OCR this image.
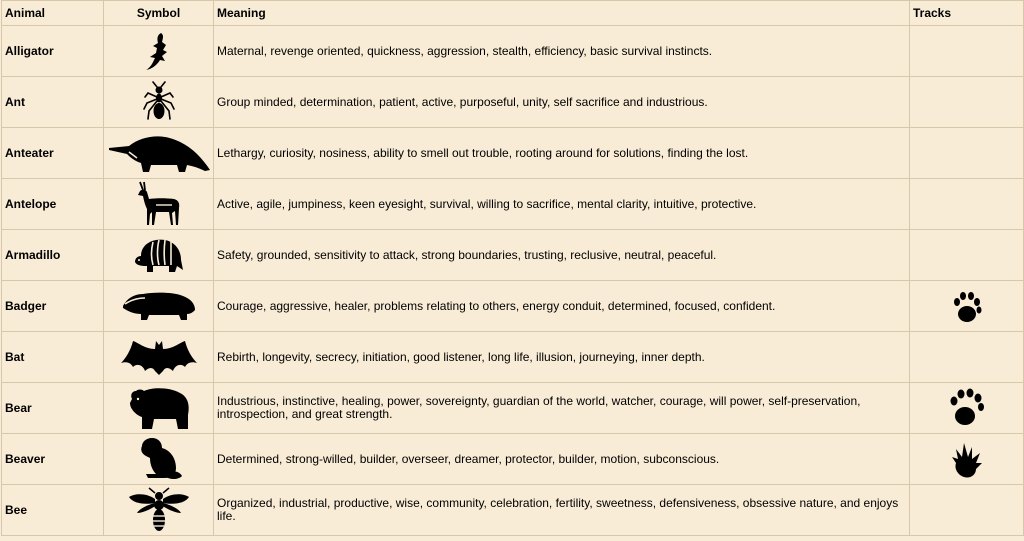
Animal	Symbol	Meaning	Tracks
Alligator		Maternal, revenge oriented, quickness, aggression, stealth, efficiency, basic survival instincts.	
Ant		Group minded, determination, patient, active, purposeful, unity, self sacrifice and industrious.	
Anteater		Lethargy, curiosity, nosiness, ability to smell out trouble, rooting around for solutions, finding the lost.	
Antelope		Active, agile, jumpiness, keen eyesight, survival, willing to sacrifice, mental clarity, intuitive, protective.	
Armadillo		Safety, grounded, sensitivity to attack, strong boundaries, trusting, reclusive, neutral, peaceful.	
Badger		Courage, aggressive, healer, problems relating to others, energy conduit, determined, focused, confident.	

Bat		Rebirth, longevity, secrecy, initiation, good listener, long life, illusion, journeying, inner depth.	
Bear		Industrious, instinctive, healing, power, sovereignty, guardian of the world, watcher, courage, will power, self-preservation, introspection, and great strength.	

Beaver		Determined, strong-willed, builder, overseer, dreamer, protector, builder, motion, subconscious.	

Bee		Organized, industrial, productive, wise, community, celebration, fertility, sweetness, defensiveness, obsessive nature, and enjoys life.	
